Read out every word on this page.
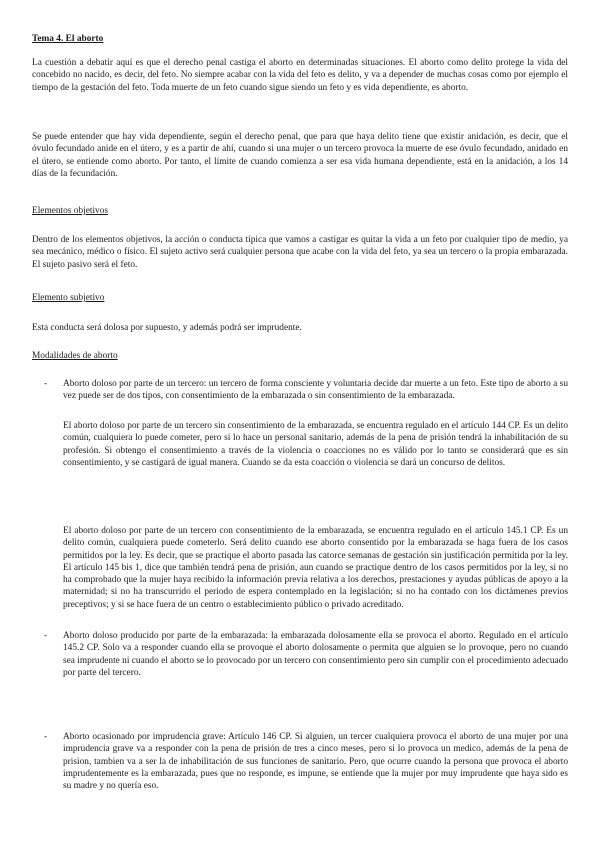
Tema 4. El aborto

La cuestión a debatir aquí es que el derecho penal castiga el aborto en determinadas situaciones. El aborto como delito protege la vida del concebido no nacido, es decir, del feto. No siempre acabar con la vida del feto es delito, y va a depender de muchas cosas como por ejemplo el tiempo de la gestación del feto. Toda muerte de un feto cuando sigue siendo un feto y es vida dependiente, es aborto.

Se puede entender que hay vida dependiente, según el derecho penal, que para que haya delito tiene que existir anidación, es decir, que el óvulo fecundado anide en el útero, y es a partir de ahí, cuando si una mujer o un tercero provoca la muerte de ese óvulo fecundado, anidado en el útero, se entiende como aborto. Por tanto, el límite de cuando comienza a ser esa vida humana dependiente, está en la anidación, a los 14 días de la fecundación.

Elementos objetivos

Dentro de los elementos objetivos, la acción o conducta típica que vamos a castigar es quitar la vida a un feto por cualquier tipo de medio, ya sea mecánico, médico o físico. El sujeto activo será cualquier persona que acabe con la vida del feto, ya sea un tercero o la propia embarazada. El sujeto pasivo será el feto.

Elemento subjetivo

Esta conducta será dolosa por supuesto, y además podrá ser imprudente.

Modalidades de aborto

- Aborto doloso por parte de un tercero: un tercero de forma consciente y voluntaria decide dar muerte a un feto. Este tipo de aborto a su vez puede ser de dos tipos, con consentimiento de la embarazada o sin consentimiento de la embarazada.

El aborto doloso por parte de un tercero sin consentimiento de la embarazada, se encuentra regulado en el artículo 144 CP. Es un delito común, cualquiera lo puede cometer, pero si lo hace un personal sanitario, además de la pena de prisión tendrá la inhabilitación de su profesión. Si obtengo el consentimiento a través de la violencia o coacciones no es válido por lo tanto se considerará que es sin consentimiento, y se castigará de igual manera. Cuando se da esta coacción o violencia se dará un concurso de delitos.

El aborto doloso por parte de un tercero con consentimiento de la embarazada, se encuentra regulado en el artículo 145.1 CP. Es un delito común, cualquiera puede cometerlo. Será delito cuando ese aborto consentido por la embarazada se haga fuera de los casos permitidos por la ley. Es decir, que se practique el aborto pasada las catorce semanas de gestación sin justificación permitida por la ley. El artículo 145 bis 1, dice que también tendrá pena de prisión, aun cuando se practique dentro de los casos permitidos por la ley, si no ha comprobado que la mujer haya recibido la información previa relativa a los derechos, prestaciones y ayudas públicas de apoyo a la maternidad; si no ha transcurrido el periodo de espera contemplado en la legislación; si no ha contado con los dictámenes previos preceptivos; y si se hace fuera de un centro o establecimiento público o privado acreditado.

- Aborto doloso producido por parte de la embarazada: la embarazada dolosamente ella se provoca el aborto. Regulado en el artículo 145.2 CP. Solo va a responder cuando ella se provoque el aborto dolosamente o permita que alguien se lo provoque, pero no cuando sea imprudente ni cuando el aborto se lo provocado por un tercero con consentimiento pero sin cumplir con el procedimiento adecuado por parte del tercero.

- Aborto ocasionado por imprudencia grave: Artículo 146 CP. Si alguien, un tercer cualquiera provoca el aborto de una mujer por una imprudencia grave va a responder con la pena de prisión de tres a cinco meses, pero si lo provoca un medico, además de la pena de prision, tambien va a ser la de inhabilitación de sus funciones de sanitario. Pero, que ocurre cuando la persona que provoca el aborto imprudentemente es la embarazada, pues que no responde, es impune, se entiende que la mujer por muy imprudente que haya sido es su madre y no quería eso.
